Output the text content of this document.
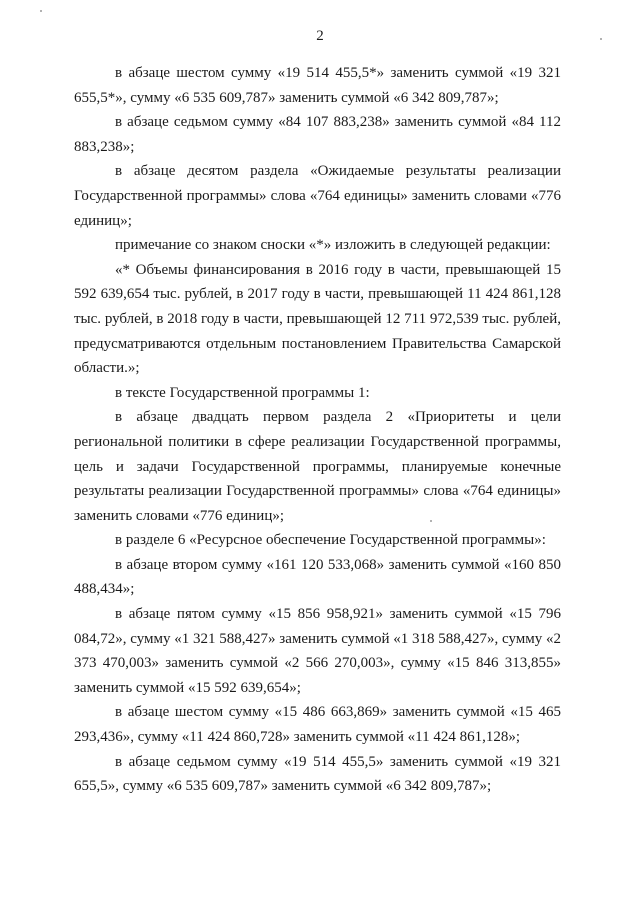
2

в абзаце шестом сумму «19 514 455,5*» заменить суммой «19 321 655,5*», сумму «6 535 609,787» заменить суммой «6 342 809,787»;

в абзаце седьмом сумму «84 107 883,238» заменить суммой «84 112 883,238»;

в абзаце десятом раздела «Ожидаемые результаты реализации Государственной программы» слова «764 единицы» заменить словами «776 единиц»;

примечание со знаком сноски «*» изложить в следующей редакции:

«* Объемы финансирования в 2016 году в части, превышающей 15 592 639,654 тыс. рублей, в 2017 году в части, превышающей 11 424 861,128 тыс. рублей, в 2018 году в части, превышающей 12 711 972,539 тыс. рублей, предусматриваются отдельным постановлением Правительства Самарской области.»;

в тексте Государственной программы 1:

в абзаце двадцать первом раздела 2 «Приоритеты и цели региональной политики в сфере реализации Государственной программы, цель и задачи Государственной программы, планируемые конечные результаты реализации Государственной программы» слова «764 единицы» заменить словами «776 единиц»;

в разделе 6 «Ресурсное обеспечение Государственной программы»:

в абзаце втором сумму «161 120 533,068» заменить суммой «160 850 488,434»;

в абзаце пятом сумму «15 856 958,921» заменить суммой «15 796 084,72», сумму «1 321 588,427» заменить суммой «1 318 588,427», сумму «2 373 470,003» заменить суммой «2 566 270,003», сумму «15 846 313,855» заменить суммой «15 592 639,654»;

в абзаце шестом сумму «15 486 663,869» заменить суммой «15 465 293,436», сумму «11 424 860,728» заменить суммой «11 424 861,128»;

в абзаце седьмом сумму «19 514 455,5» заменить суммой «19 321 655,5», сумму «6 535 609,787» заменить суммой «6 342 809,787»;
